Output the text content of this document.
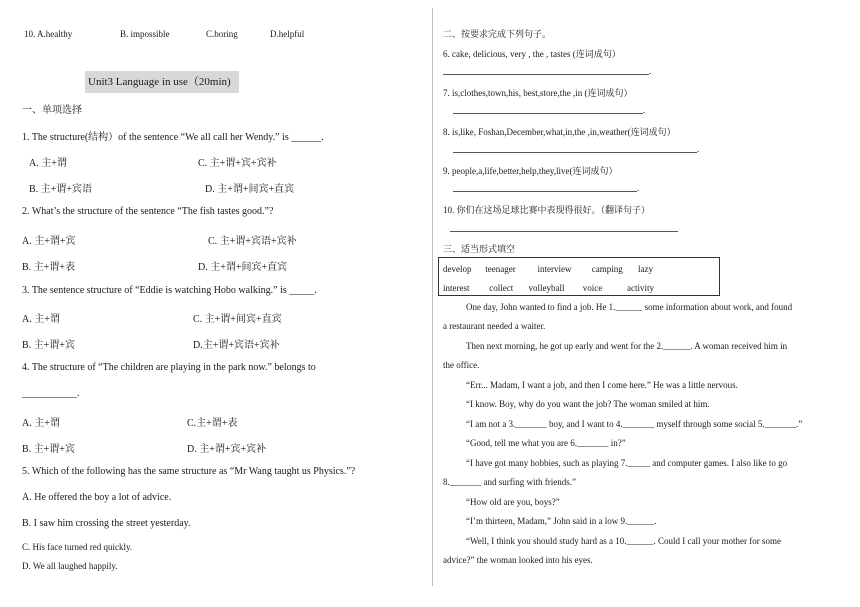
10. A.healthy	B. impossible	C.boring	D.helpful
Unit3 Language in use（20min)
一、单项选择
1. The structure(结构）of the sentence “We all call her Wendy.” is ______.
A. 主+谓	C. 主+谓+宾+宾补
B. 主+谓+宾语	D. 主+谓+间宾+直宾
2. What’s the structure of the sentence “The fish tastes good.”?
A. 主+谓+宾	C. 主+谓+宾语+宾补
B. 主+谓+表	D. 主+谓+间宾+直宾
3. The sentence structure of “Eddie is watching Hobo walking.” is _____.
A. 主+谓	C. 主+谓+间宾+直宾
B. 主+谓+宾	D.主+谓+宾语+宾补
4. The structure of “The children are playing in the park now.” belongs to
___________.
A. 主+谓	C.主+谓+表
B. 主+谓+宾	D. 主+谓+宾+宾补
5. Which of the following has the same structure as “Mr Wang taught us Physics.”?
A. He offered the boy a lot of advice.
B. I saw him crossing the street yesterday.
C. His face turned red quickly.
D. We all laughed happily.
二、按要求完成下列句子。
6. cake, delicious, very , the , tastes (连词成句）
.
7. is,clothes,town,his, best,store,the ,in (连词成句）
.
8. is,like, Foshan,December,what,in,the ,in,weather(连词成句）
.
9. people,a,life,better,help,they,live(连词成句）
.
10. 你们在这场足球比赛中表现得很好。（翻译句子）
三、适当形式填空
develop teenager interview camping lazy
interest collect volleyball voice	activity
One day, John wanted to find a job. He 1.______ some information about work, and found
a restaurant needed a waiter.
Then next morning, he got up early and went for the 2.______. A woman received him in
the office.
“Err... Madam, I want a job, and then I come here.” He was a little nervous.
“I know. Boy, why do you want the job? The woman smiled at him.
“I am not a 3._______ boy, and I want to 4._______ myself through some social 5._______.”
“Good, tell me what you are 6._______ in?”
“I have got many hobbies, such as playing 7._____ and computer games. I also like to go
8._______ and surfing with friends.”
“How old are you, boys?”
“I’m thirteen, Madam,” John said in a low 9.______.
“Well, I think you should study hard as a 10.______. Could I call your mother for some
advice?” the woman looked into his eyes.
